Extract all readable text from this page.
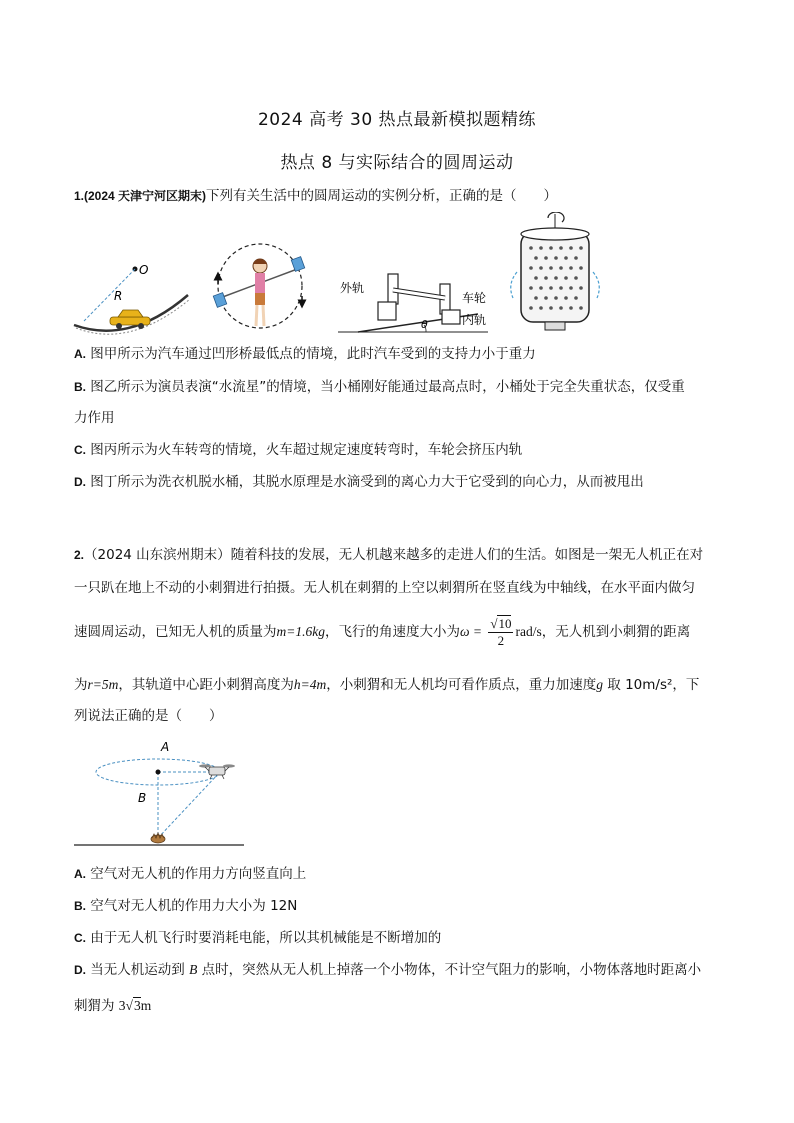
2024 高考 30 热点最新模拟题精练
热点 8 与实际结合的圆周运动
1.(2024 天津宁河区期末)下列有关生活中的圆周运动的实例分析，正确的是（　　）
O
R
θ
外轨
车轮
内轨
A. 图甲所示为汽车通过凹形桥最低点的情境，此时汽车受到的支持力小于重力
B. 图乙所示为演员表演“水流星”的情境，当小桶刚好能通过最高点时，小桶处于完全失重状态，仅受重
力作用
C. 图丙所示为火车转弯的情境，火车超过规定速度转弯时，车轮会挤压内轨
D. 图丁所示为洗衣机脱水桶，其脱水原理是水滴受到的离心力大于它受到的向心力，从而被甩出
2.（2024 山东滨州期末）随着科技的发展，无人机越来越多的走进人们的生活。如图是一架无人机正在对
一只趴在地上不动的小刺猬进行拍摄。无人机在刺猬的上空以刺猬所在竖直线为中轴线，在水平面内做匀
速圆周运动，已知无人机的质量为m=1.6kg，飞行的角速度大小为$\omega = \frac{√10}{2} rad/s$，无人机到小刺猬的距离
为r=5m，其轨道中心距小刺猬高度为h=4m，小刺猬和无人机均可看作质点，重力加速度g 取 10m/s²，下
列说法正确的是（　　）
A
B
A. 空气对无人机的作用力方向竖直向上
B. 空气对无人机的作用力大小为 12N
C. 由于无人机飞行时要消耗电能，所以其机械能是不断增加的
D. 当无人机运动到 B 点时，突然从无人机上掉落一个小物体，不计空气阻力的影响，小物体落地时距离小
刺猬为 3√3m
